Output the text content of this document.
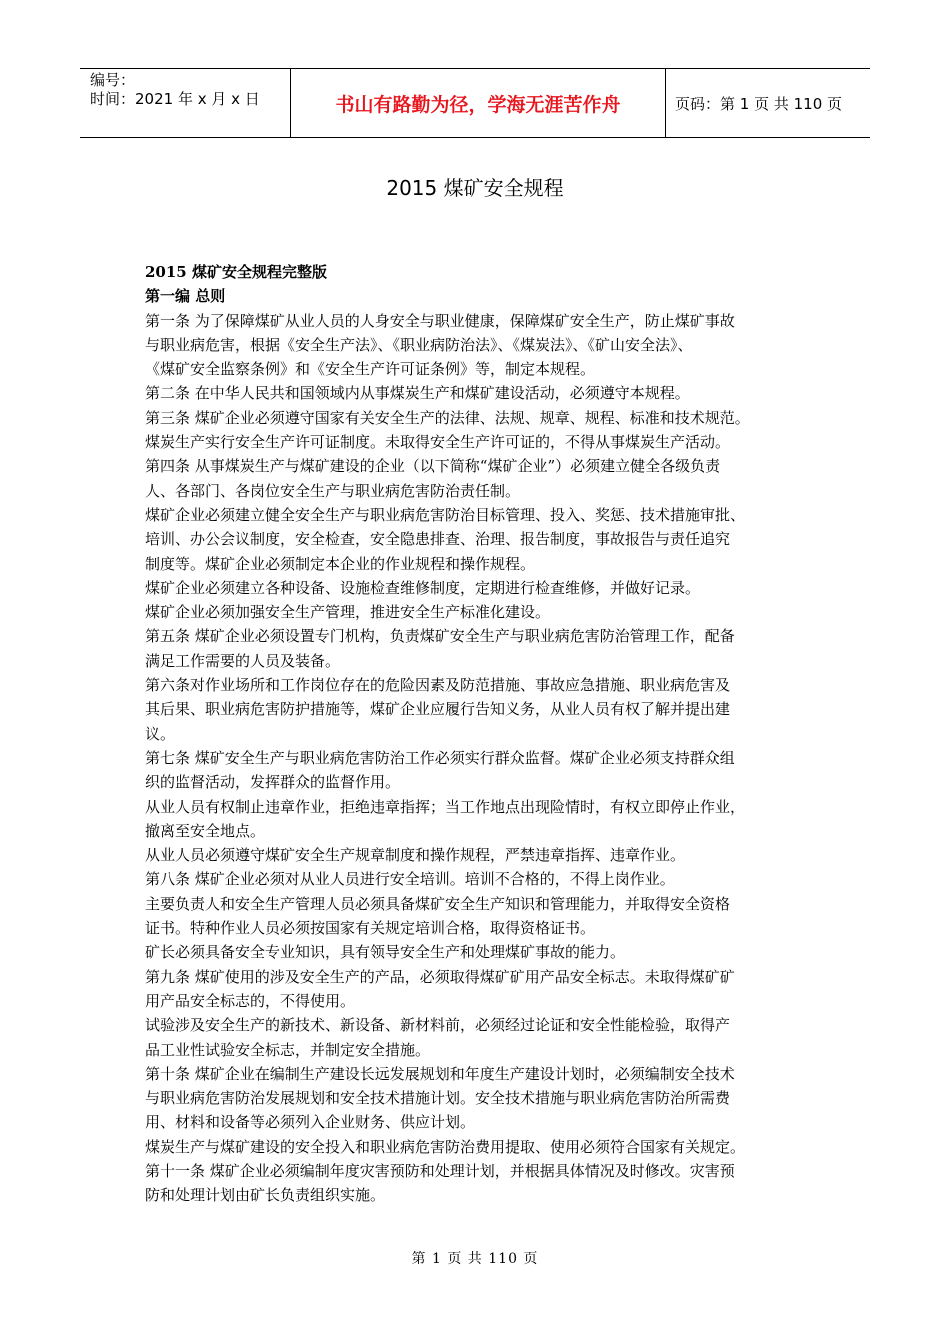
编号：
时间：2021 年 x 月 x 日	书山有路勤为径，学海无涯苦作舟	页码：第 1 页 共 110 页
2015 煤矿安全规程

2015 煤矿安全规程完整版

第一编 总则

第一条 为了保障煤矿从业人员的人身安全与职业健康，保障煤矿安全生产，防止煤矿事故

与职业病危害，根据《安全生产法》、《职业病防治法》、《煤炭法》、《矿山安全法》、

《煤矿安全监察条例》和《安全生产许可证条例》等，制定本规程。

第二条 在中华人民共和国领域内从事煤炭生产和煤矿建设活动，必须遵守本规程。

第三条 煤矿企业必须遵守国家有关安全生产的法律、法规、规章、规程、标准和技术规范。

煤炭生产实行安全生产许可证制度。未取得安全生产许可证的，不得从事煤炭生产活动。

第四条 从事煤炭生产与煤矿建设的企业（以下简称“煤矿企业”）必须建立健全各级负责

人、各部门、各岗位安全生产与职业病危害防治责任制。

煤矿企业必须建立健全安全生产与职业病危害防治目标管理、投入、奖惩、技术措施审批、

培训、办公会议制度，安全检查，安全隐患排查、治理、报告制度，事故报告与责任追究

制度等。煤矿企业必须制定本企业的作业规程和操作规程。

煤矿企业必须建立各种设备、设施检查维修制度，定期进行检查维修，并做好记录。

煤矿企业必须加强安全生产管理，推进安全生产标准化建设。

第五条 煤矿企业必须设置专门机构，负责煤矿安全生产与职业病危害防治管理工作，配备

满足工作需要的人员及装备。

第六条对作业场所和工作岗位存在的危险因素及防范措施、事故应急措施、职业病危害及

其后果、职业病危害防护措施等，煤矿企业应履行告知义务，从业人员有权了解并提出建

议。

第七条 煤矿安全生产与职业病危害防治工作必须实行群众监督。煤矿企业必须支持群众组

织的监督活动，发挥群众的监督作用。

从业人员有权制止违章作业，拒绝违章指挥；当工作地点出现险情时，有权立即停止作业，

撤离至安全地点。

从业人员必须遵守煤矿安全生产规章制度和操作规程，严禁违章指挥、违章作业。

第八条 煤矿企业必须对从业人员进行安全培训。培训不合格的，不得上岗作业。

主要负责人和安全生产管理人员必须具备煤矿安全生产知识和管理能力，并取得安全资格

证书。特种作业人员必须按国家有关规定培训合格，取得资格证书。

矿长必须具备安全专业知识，具有领导安全生产和处理煤矿事故的能力。

第九条 煤矿使用的涉及安全生产的产品，必须取得煤矿矿用产品安全标志。未取得煤矿矿

用产品安全标志的，不得使用。

试验涉及安全生产的新技术、新设备、新材料前，必须经过论证和安全性能检验，取得产

品工业性试验安全标志，并制定安全措施。

第十条 煤矿企业在编制生产建设长远发展规划和年度生产建设计划时，必须编制安全技术

与职业病危害防治发展规划和安全技术措施计划。安全技术措施与职业病危害防治所需费

用、材料和设备等必须列入企业财务、供应计划。

煤炭生产与煤矿建设的安全投入和职业病危害防治费用提取、使用必须符合国家有关规定。

第十一条 煤矿企业必须编制年度灾害预防和处理计划，并根据具体情况及时修改。灾害预

防和处理计划由矿长负责组织实施。

第 1 页 共 110 页
